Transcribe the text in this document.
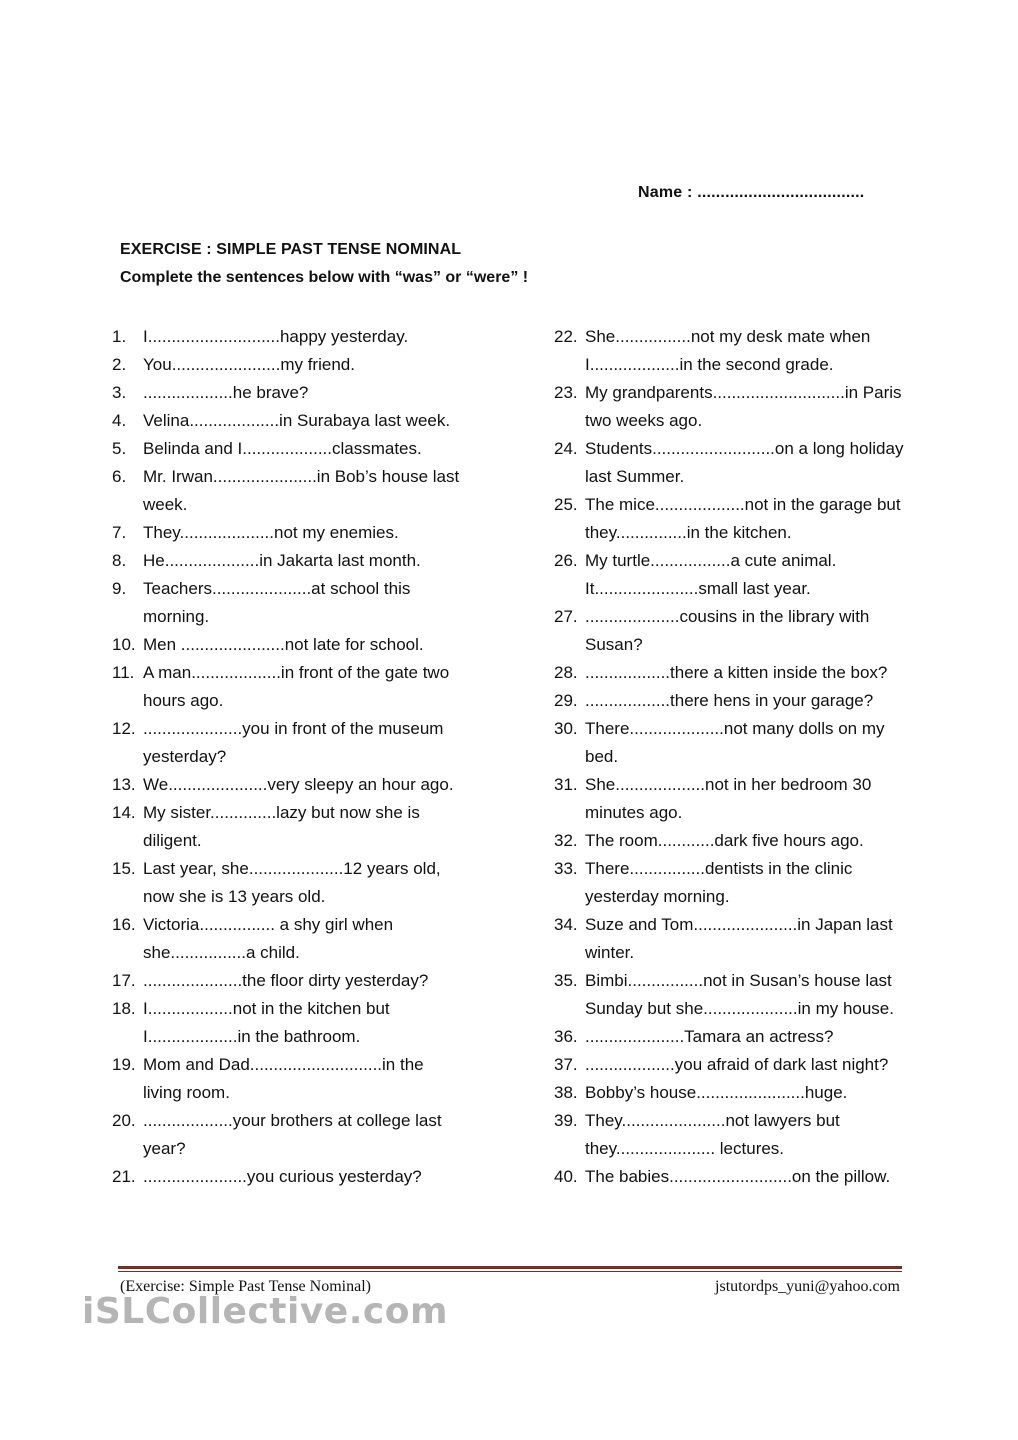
Name : ....................................
EXERCISE : SIMPLE PAST TENSE NOMINAL
Complete the sentences below with “was” or “were” !
1. I............................happy yesterday.
2. You.......................my friend.
3. ...................he brave?
4. Velina...................in Surabaya last week.
5. Belinda and I...................classmates.
6. Mr. Irwan......................in Bob’s house last
week.
7. They....................not my enemies.
8. He....................in Jakarta last month.
9. Teachers.....................at school this
morning.
10. Men ......................not late for school.
11. A man...................in front of the gate two
hours ago.
12. .....................you in front of the museum
yesterday?
13. We.....................very sleepy an hour ago.
14. My sister..............lazy but now she is
diligent.
15. Last year, she....................12 years old,
now she is 13 years old.
16. Victoria................ a shy girl when
she................a child.
17. .....................the floor dirty yesterday?
18. I..................not in the kitchen but
I...................in the bathroom.
19. Mom and Dad............................in the
living room.
20. ...................your brothers at college last
year?
21. ......................you curious yesterday?
22. She................not my desk mate when
I...................in the second grade.
23. My grandparents............................in Paris
two weeks ago.
24. Students..........................on a long holiday
last Summer.
25. The mice...................not in the garage but
they...............in the kitchen.
26. My turtle.................a cute animal.
It......................small last year.
27. ....................cousins in the library with
Susan?
28. ..................there a kitten inside the box?
29. ..................there hens in your garage?
30. There....................not many dolls on my
bed.
31. She...................not in her bedroom 30
minutes ago.
32. The room............dark five hours ago.
33. There................dentists in the clinic
yesterday morning.
34. Suze and Tom......................in Japan last
winter.
35. Bimbi................not in Susan’s house last
Sunday but she....................in my house.
36. .....................Tamara an actress?
37. ...................you afraid of dark last night?
38. Bobby’s house.......................huge.
39. They......................not lawyers but
they..................... lectures.
40. The babies..........................on the pillow.
(Exercise: Simple Past Tense Nominal)	jstutordps_yuni@yahoo.com
iSLCollective.com
